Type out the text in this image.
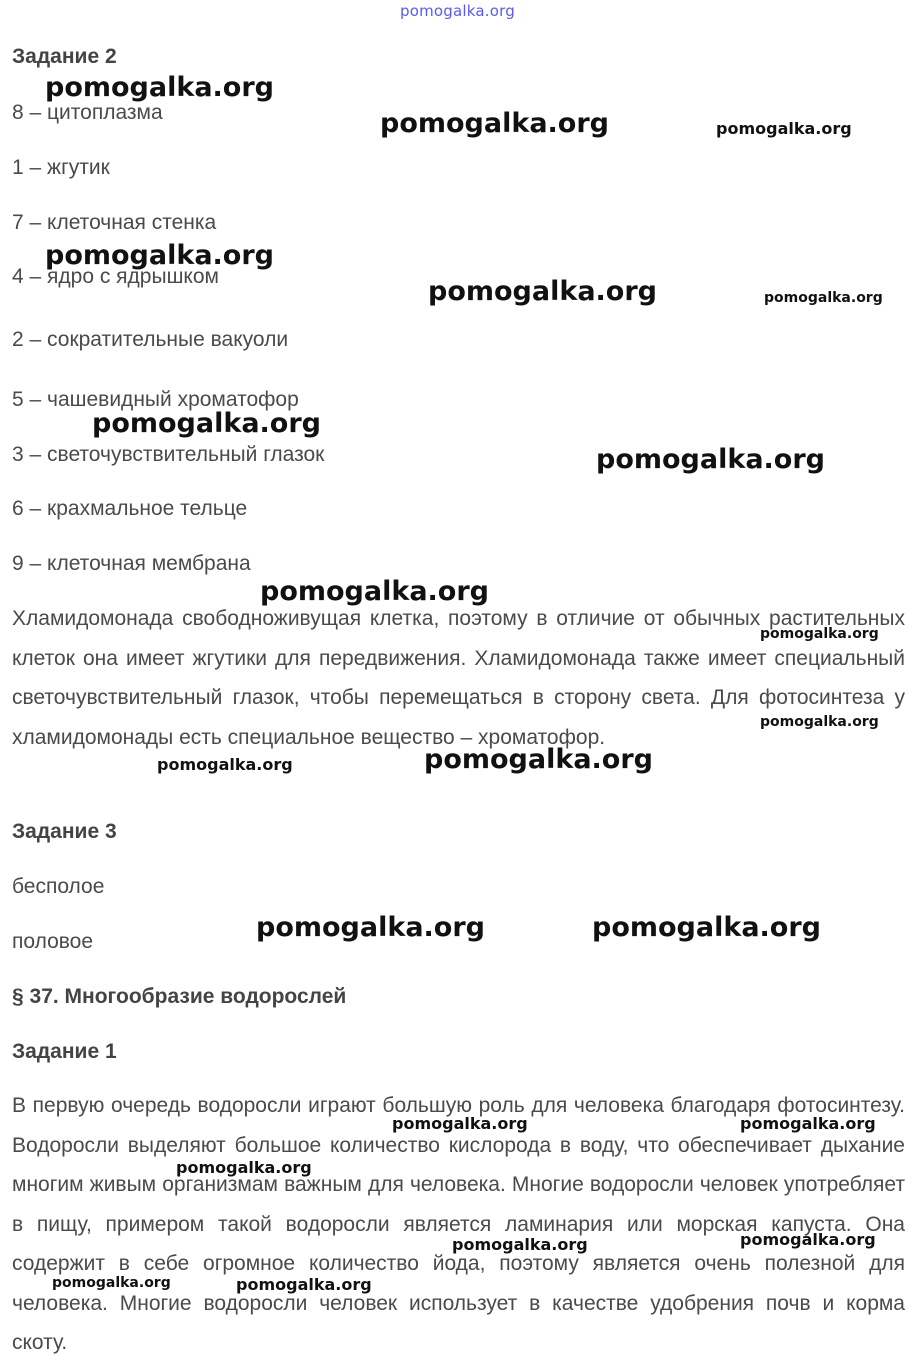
pomogalka.org
Задание 2
8 – цитоплазма
1 – жгутик
7 – клеточная стенка
4 – ядро с ядрышком
2 – сократительные вакуоли
5 – чашевидный хроматофор
3 – светочувствительный глазок
6 – крахмальное тельце
9 – клеточная мембрана
Хламидомонада свободноживущая клетка, поэтому в отличие от обычных растительных клеток она имеет жгутики для передвижения. Хламидомонада также имеет специальный светочувствительный глазок, чтобы перемещаться в сторону света. Для фотосинтеза у хламидомонады есть специальное вещество – хроматофор.
Задание 3
бесполое
половое
§ 37. Многообразие водорослей
Задание 1
В первую очередь водоросли играют большую роль для человека благодаря фотосинтезу. Водоросли выделяют большое количество кислорода в воду, что обеспечивает дыхание многим живым организмам важным для человека. Многие водоросли человек употребляет в пищу, примером такой водоросли является ламинария или морская капуста. Она содержит в себе огромное количество йода, поэтому является очень полезной для человека. Многие водоросли человек использует в качестве удобрения почв и корма скоту.
pomogalka.org
pomogalka.org	pomogalka.org
pomogalka.org
pomogalka.org	pomogalka.org
pomogalka.org
pomogalka.org
pomogalka.org
pomogalka.org
pomogalka.org
pomogalka.org
pomogalka.org
pomogalka.org	pomogalka.org
pomogalka.org	pomogalka.org
pomogalka.org
pomogalka.org
pomogalka.org
pomogalka.org	pomogalka.org
